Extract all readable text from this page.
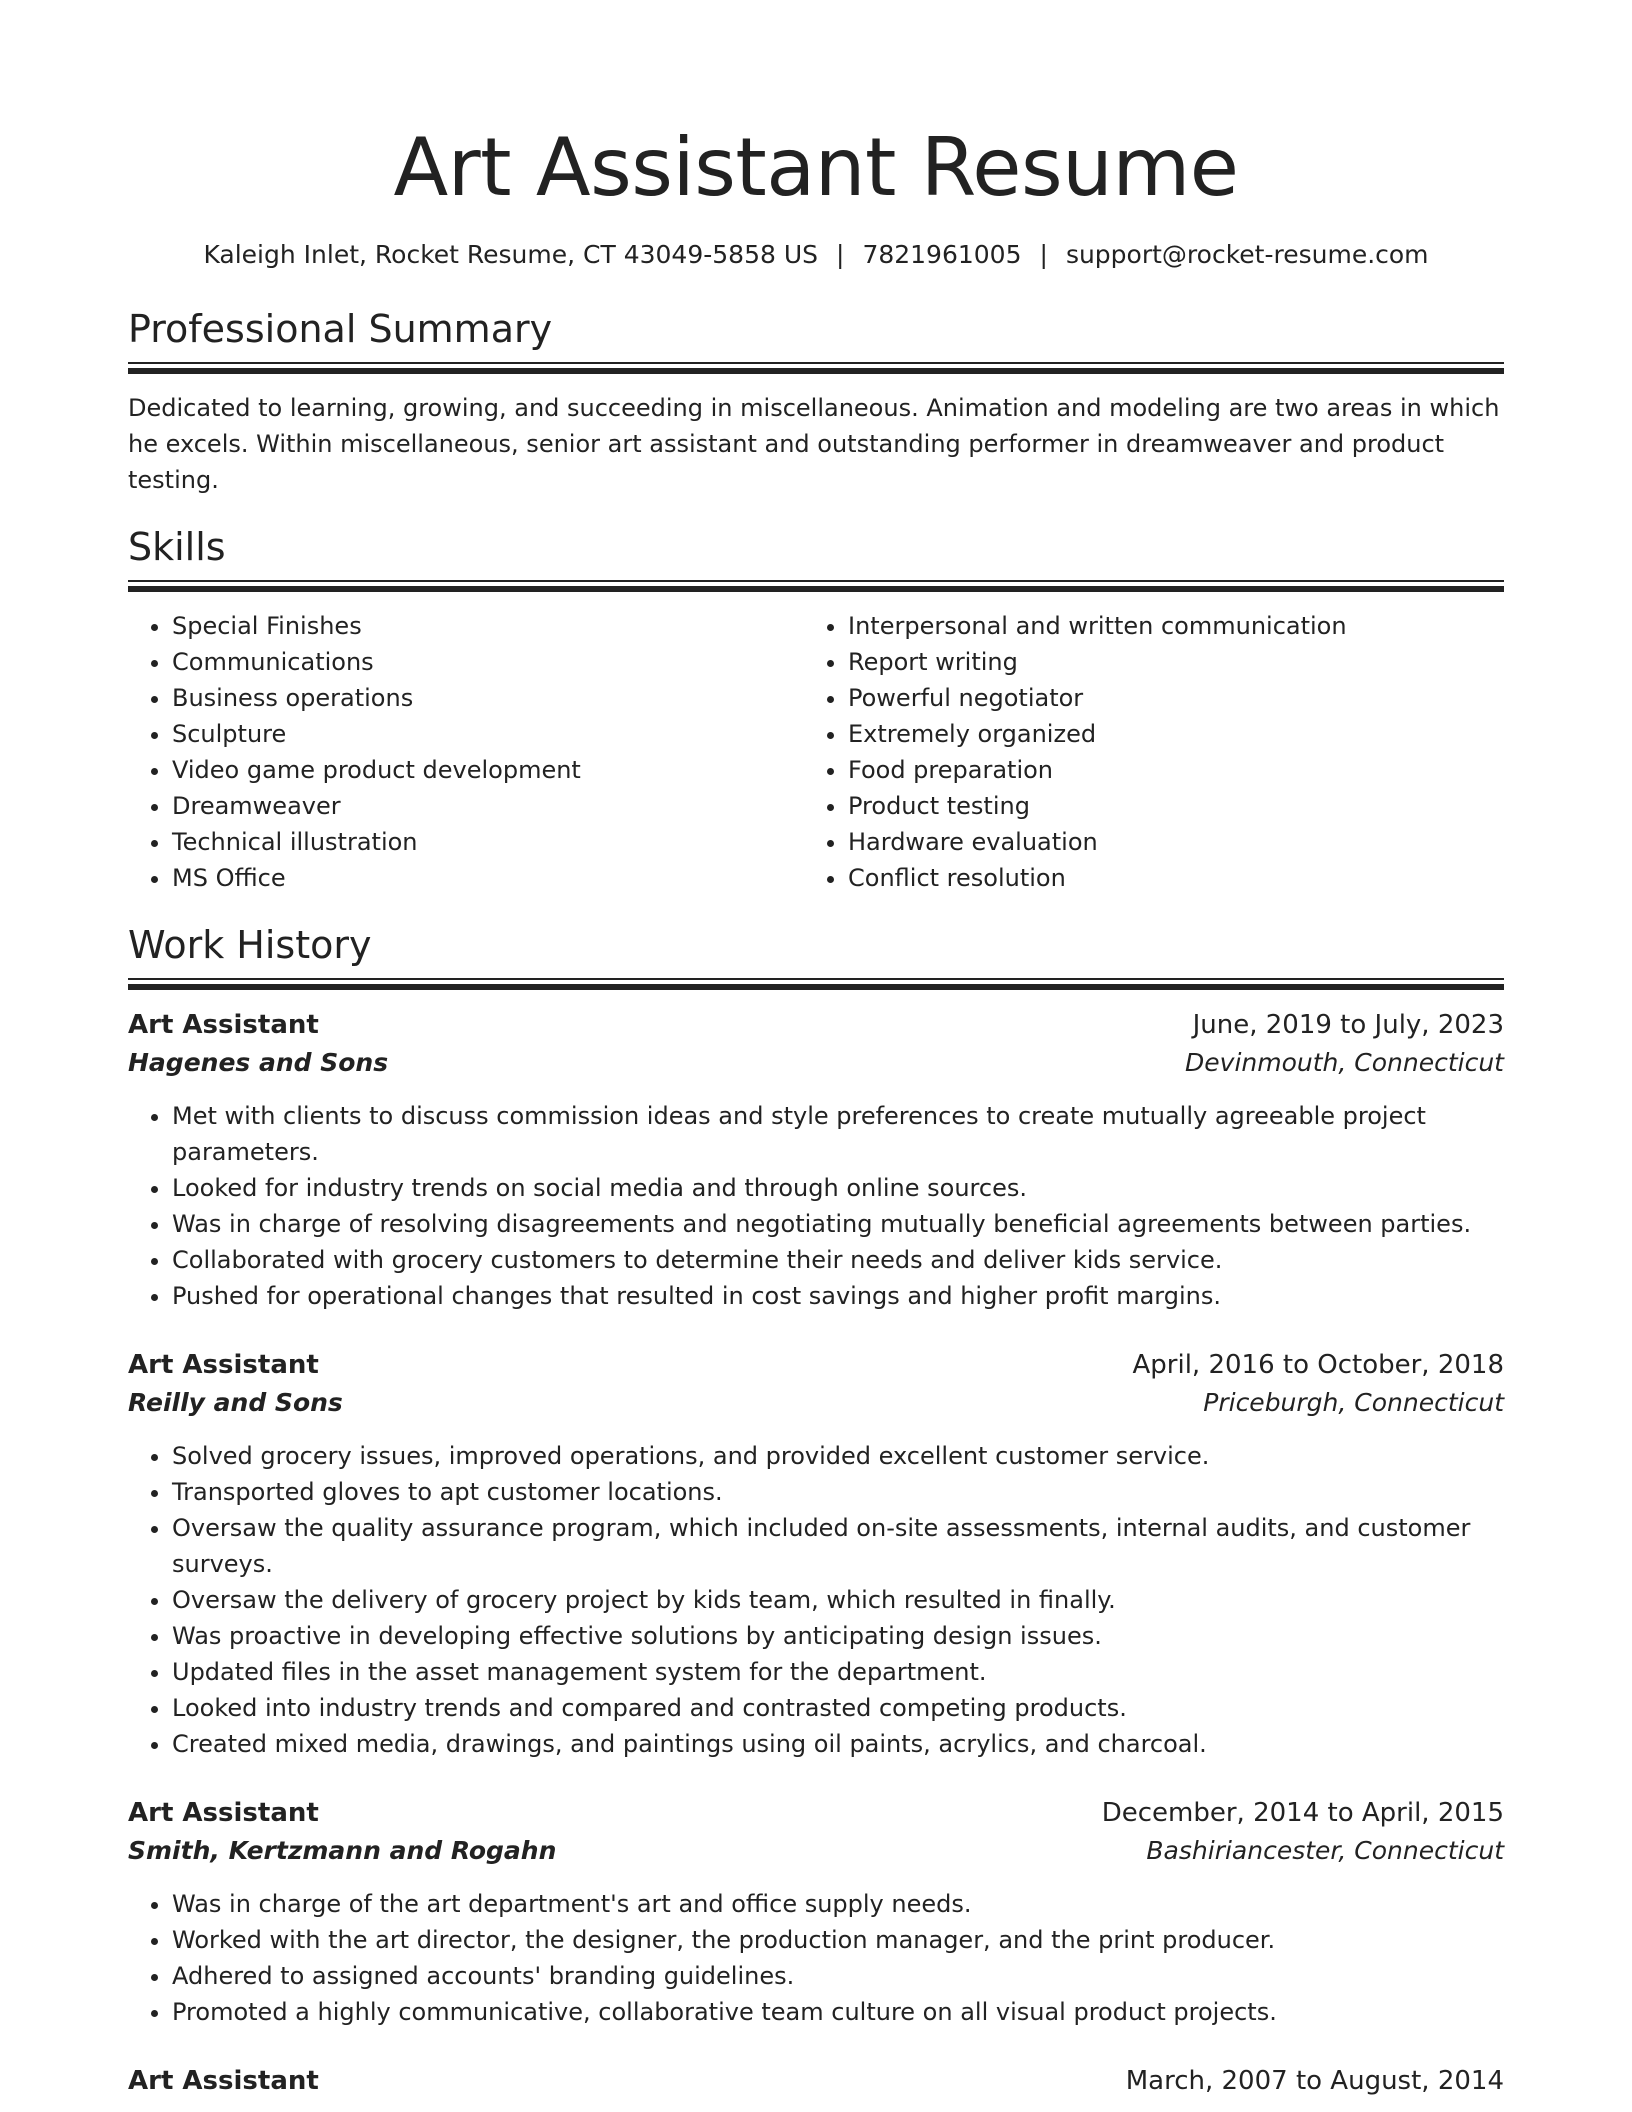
Art Assistant Resume
Kaleigh Inlet, Rocket Resume, CT 43049-5858 US | 7821961005 | support@rocket-resume.com
Professional Summary
Dedicated to learning, growing, and succeeding in miscellaneous. Animation and modeling are two areas in which he excels. Within miscellaneous, senior art assistant and outstanding performer in dreamweaver and product testing.
Skills
• Special Finishes
• Communications
• Business operations
• Sculpture
• Video game product development
• Dreamweaver
• Technical illustration
• MS Office
• Interpersonal and written communication
• Report writing
• Powerful negotiator
• Extremely organized
• Food preparation
• Product testing
• Hardware evaluation
• Conflict resolution
Work History
Art Assistant	June, 2019 to July, 2023
Hagenes and Sons	Devinmouth, Connecticut
• Met with clients to discuss commission ideas and style preferences to create mutually agreeable project parameters.
• Looked for industry trends on social media and through online sources.
• Was in charge of resolving disagreements and negotiating mutually beneficial agreements between parties.
• Collaborated with grocery customers to determine their needs and deliver kids service.
• Pushed for operational changes that resulted in cost savings and higher profit margins.
Art Assistant	April, 2016 to October, 2018
Reilly and Sons	Priceburgh, Connecticut
• Solved grocery issues, improved operations, and provided excellent customer service.
• Transported gloves to apt customer locations.
• Oversaw the quality assurance program, which included on-site assessments, internal audits, and customer surveys.
• Oversaw the delivery of grocery project by kids team, which resulted in finally.
• Was proactive in developing effective solutions by anticipating design issues.
• Updated files in the asset management system for the department.
• Looked into industry trends and compared and contrasted competing products.
• Created mixed media, drawings, and paintings using oil paints, acrylics, and charcoal.
Art Assistant	December, 2014 to April, 2015
Smith, Kertzmann and Rogahn	Bashiriancester, Connecticut
• Was in charge of the art department's art and office supply needs.
• Worked with the art director, the designer, the production manager, and the print producer.
• Adhered to assigned accounts' branding guidelines.
• Promoted a highly communicative, collaborative team culture on all visual product projects.
Art Assistant	March, 2007 to August, 2014
